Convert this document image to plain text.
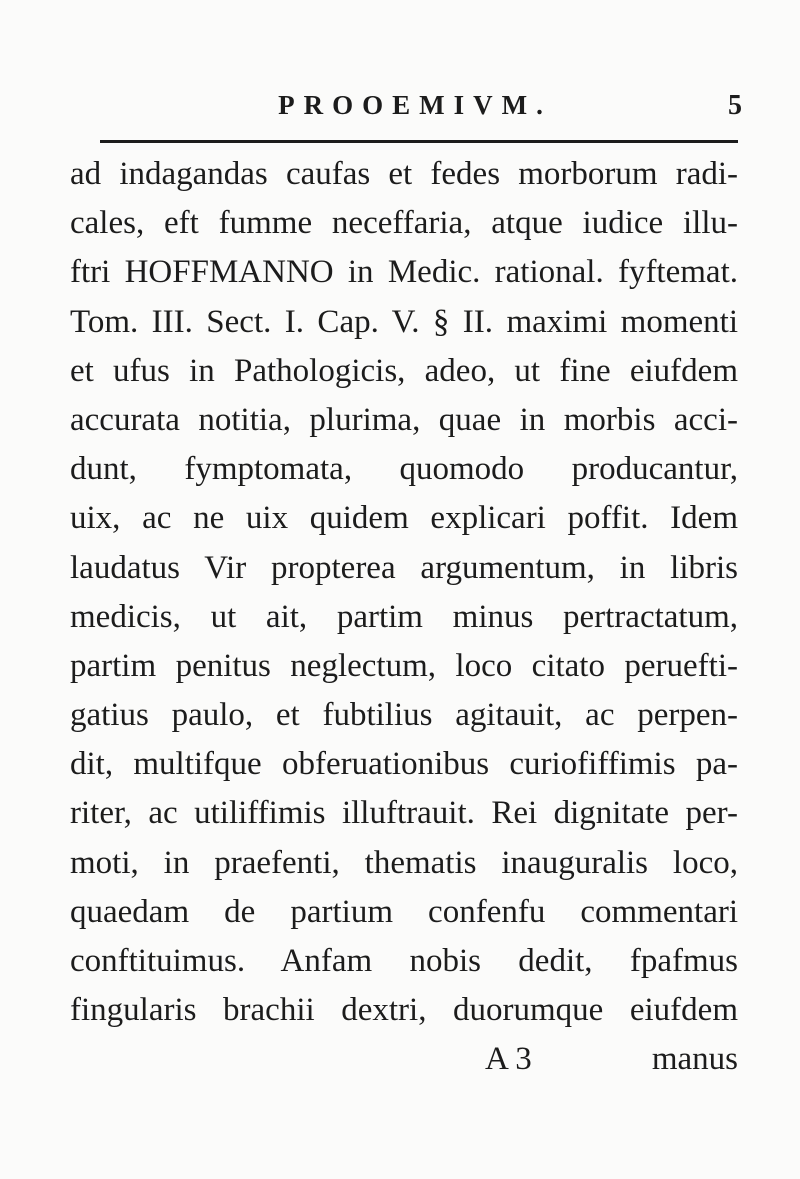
PROOEMIVM.	5
ad indagandas caufas et fedes morborum radi-
cales, eft fumme neceffaria, atque iudice illu-
ftri HOFFMANNO in Medic. rational. fyftemat.
Tom. III. Sect. I. Cap. V. § II. maximi momenti
et ufus in Pathologicis, adeo, ut fine eiufdem
accurata notitia, plurima, quae in morbis acci-
dunt, fymptomata, quomodo producantur,
uix, ac ne uix quidem explicari poffit. Idem
laudatus Vir propterea argumentum, in libris
medicis, ut ait, partim minus pertractatum,
partim penitus neglectum, loco citato peruefti-
gatius paulo, et fubtilius agitauit, ac perpen-
dit, multifque obferuationibus curiofiffimis pa-
riter, ac utiliffimis illuftrauit. Rei dignitate per-
moti, in praefenti, thematis inauguralis loco,
quaedam de partium confenfu commentari
conftituimus. Anfam nobis dedit, fpafmus
fingularis brachii dextri, duorumque eiufdem
A 3	manus
